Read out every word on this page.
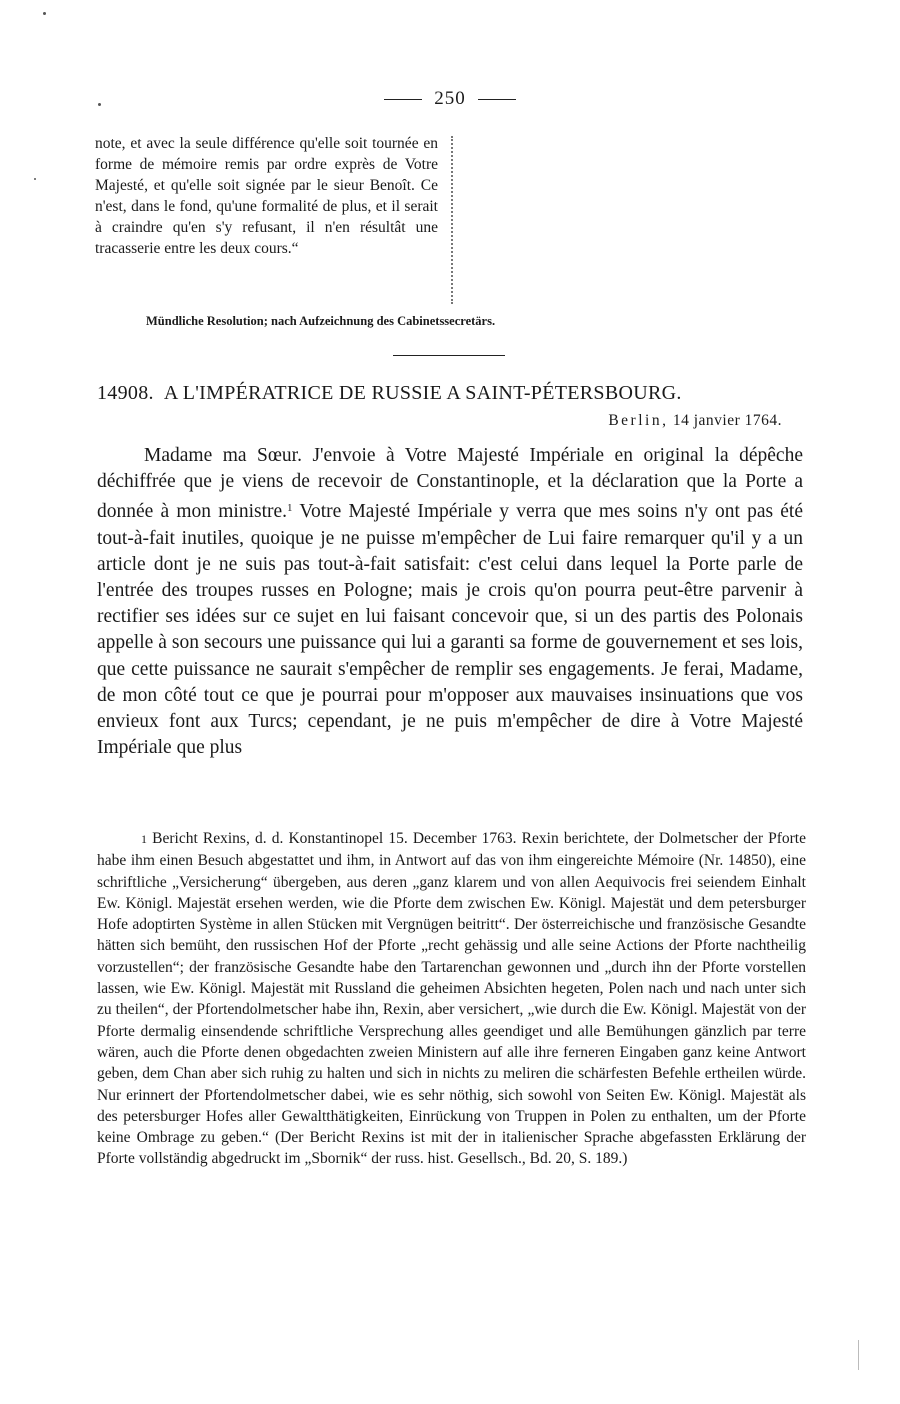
250

note, et avec la seule différence qu'elle soit tournée en forme de mémoire remis par ordre exprès de Votre Majesté, et qu'elle soit signée par le sieur Benoît. Ce n'est, dans le fond, qu'une formalité de plus, et il serait à craindre qu'en s'y refusant, il n'en résultât une tracasserie entre les deux cours.“

Mündliche Resolution; nach Aufzeichnung des Cabinetssecretärs.
14908. A L'IMPÉRATRICE DE RUSSIE A SAINT-PÉTERSBOURG.
Berlin, 14 janvier 1764.

Madame ma Sœur. J'envoie à Votre Majesté Impériale en original la dépêche déchiffrée que je viens de recevoir de Constantinople, et la déclaration que la Porte a donnée à mon ministre.$^1$ Votre Majesté Impériale y verra que mes soins n'y ont pas été tout-à-fait inutiles, quoique je ne puisse m'empêcher de Lui faire remarquer qu'il y a un article dont je ne suis pas tout-à-fait satisfait: c'est celui dans lequel la Porte parle de l'entrée des troupes russes en Pologne; mais je crois qu'on pourra peut-être parvenir à rectifier ses idées sur ce sujet en lui faisant concevoir que, si un des partis des Polonais appelle à son secours une puissance qui lui a garanti sa forme de gouvernement et ses lois, que cette puissance ne saurait s'empêcher de remplir ses engagements. Je ferai, Madame, de mon côté tout ce que je pourrai pour m'opposer aux mauvaises insinuations que vos envieux font aux Turcs; cependant, je ne puis m'empêcher de dire à Votre Majesté Impériale que plus

1 Bericht Rexins, d. d. Konstantinopel 15. December 1763. Rexin berichtete, der Dolmetscher der Pforte habe ihm einen Besuch abgestattet und ihm, in Antwort auf das von ihm eingereichte Mémoire (Nr. 14850), eine schriftliche „Versicherung“ übergeben, aus deren „ganz klarem und von allen Aequivocis frei seiendem Einhalt Ew. Königl. Majestät ersehen werden, wie die Pforte dem zwischen Ew. Königl. Majestät und dem petersburger Hofe adoptirten Système in allen Stücken mit Vergnügen beitritt“. Der österreichische und französische Gesandte hätten sich bemüht, den russischen Hof der Pforte „recht gehässig und alle seine Actions der Pforte nachtheilig vorzustellen“; der französische Gesandte habe den Tartarenchan gewonnen und „durch ihn der Pforte vorstellen lassen, wie Ew. Königl. Majestät mit Russland die geheimen Absichten hegeten, Polen nach und nach unter sich zu theilen“, der Pfortendolmetscher habe ihn, Rexin, aber versichert, „wie durch die Ew. Königl. Majestät von der Pforte dermalig einsendende schriftliche Versprechung alles geendiget und alle Bemühungen gänzlich par terre wären, auch die Pforte denen obgedachten zweien Ministern auf alle ihre ferneren Eingaben ganz keine Antwort geben, dem Chan aber sich ruhig zu halten und sich in nichts zu meliren die schärfesten Befehle ertheilen würde. Nur erinnert der Pfortendolmetscher dabei, wie es sehr nöthig, sich sowohl von Seiten Ew. Königl. Majestät als des petersburger Hofes aller Gewaltthätigkeiten, Einrückung von Truppen in Polen zu enthalten, um der Pforte keine Ombrage zu geben.“ (Der Bericht Rexins ist mit der in italienischer Sprache abgefassten Erklärung der Pforte vollständig abgedruckt im „Sbornik“ der russ. hist. Gesellsch., Bd. 20, S. 189.)
